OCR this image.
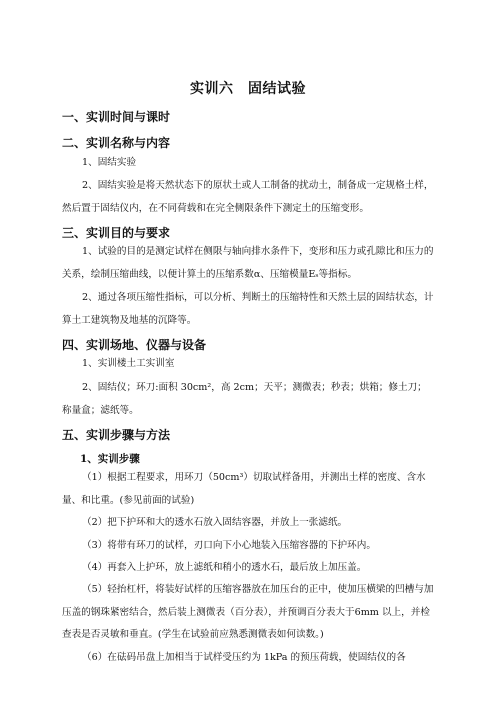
实训六　固结试验
一、实训时间与课时
二、实训名称与内容
1、固结实验
2、固结实验是将天然状态下的原状土或人工制备的扰动土，制备成一定规格土样，然后置于固结仪内，在不同荷载和在完全侧限条件下测定土的压缩变形。
三、实训目的与要求
1、试验的目的是测定试样在侧限与轴向排水条件下，变形和压力或孔隙比和压力的关系，绘制压缩曲线，以便计算土的压缩系数α、压缩模量Eₛ等指标。
2、通过各项压缩性指标，可以分析、判断土的压缩特性和天然土层的固结状态，计算土工建筑物及地基的沉降等。
四、实训场地、仪器与设备
1、实训楼土工实训室
2、固结仪；环刀:面积 30cm²，高 2cm；天平；测微表；秒表；烘箱；修土刀；称量盒；滤纸等。
五、实训步骤与方法
1、实训步骤
（1）根据工程要求，用环刀（50cm³）切取试样备用，并测出土样的密度、含水量、和比重。(参见前面的试验)
（2）把下护环和大的透水石放入固结容器，并放上一张滤纸。
（3）将带有环刀的试样，刃口向下小心地装入压缩容器的下护环内。
（4）再套入上护环，放上滤纸和稍小的透水石，最后放上加压盖。
（5）轻抬杠杆，将装好试样的压缩容器放在加压台的正中，使加压横梁的凹槽与加压盖的钢珠紧密结合，然后装上测微表（百分表），并预调百分表大于6mm 以上，并检查表是否灵敏和垂直。(学生在试验前应熟悉测微表如何读数。)
（6）在砝码吊盘上加相当于试样受压约为 1kPa 的预压荷载，使固结仪的各
